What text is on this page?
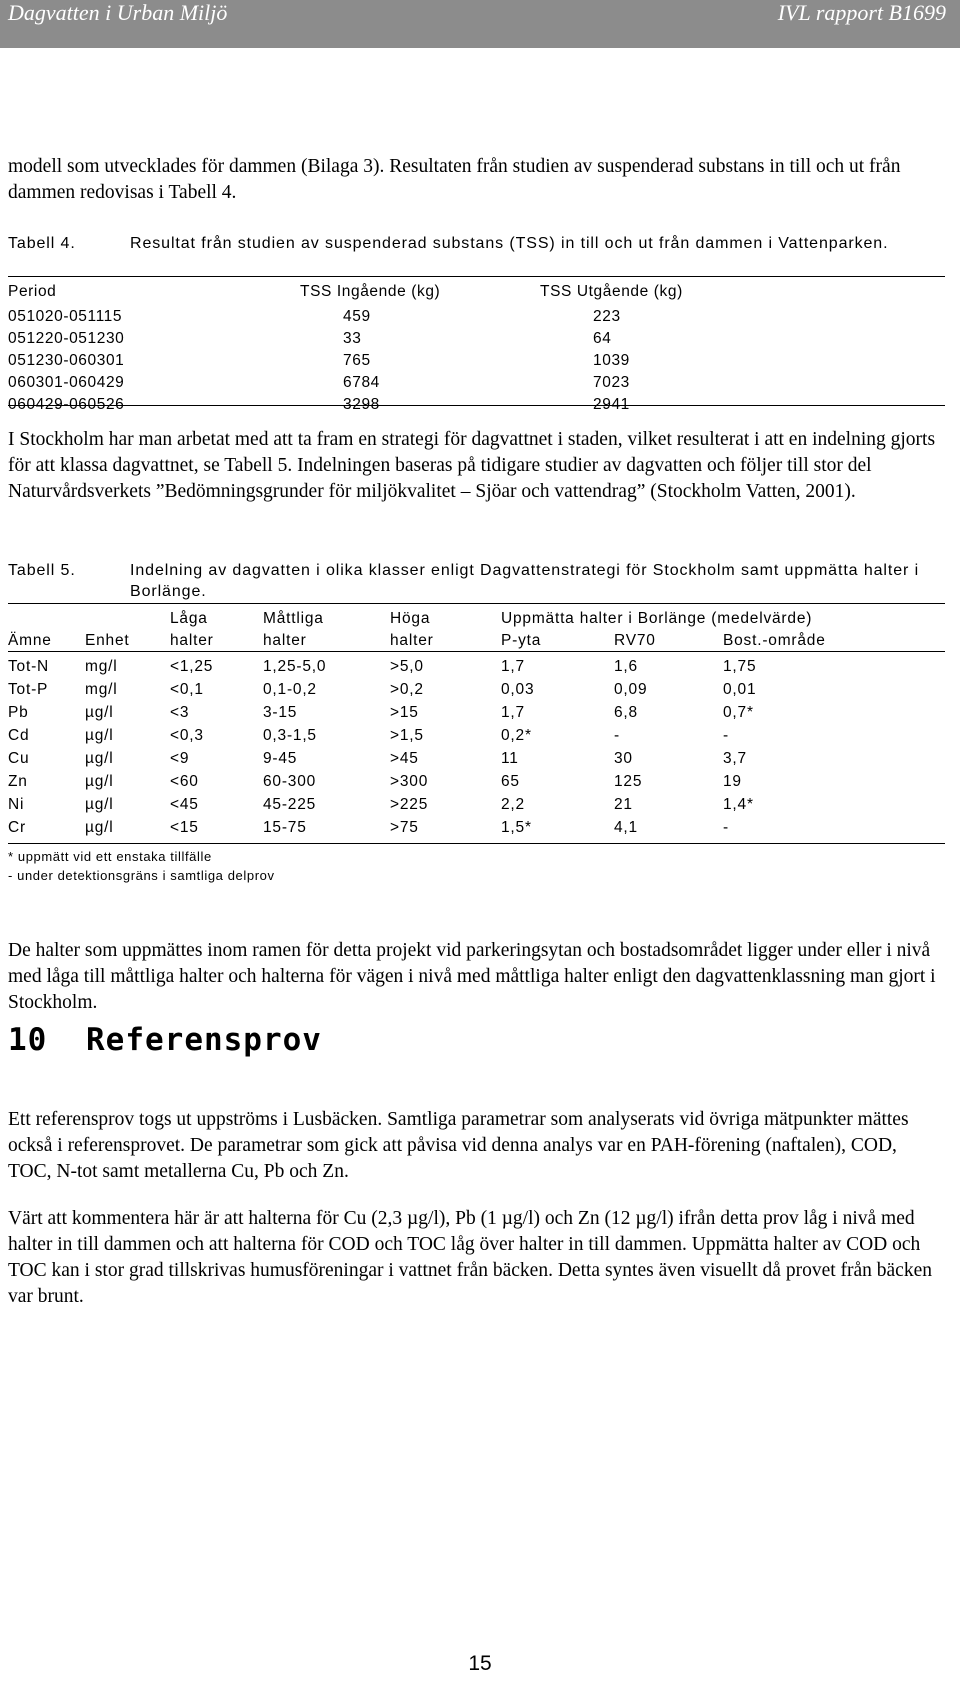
Dagvatten i Urban Miljö	IVL rapport B1699
modell som utvecklades för dammen (Bilaga 3). Resultaten från studien av suspenderad substans in till och ut från dammen redovisas i Tabell 4.
Tabell 4.	Resultat från studien av suspenderad substans (TSS) in till och ut från dammen i Vattenparken.
Period	TSS Ingående (kg)	TSS Utgående (kg)
051020-051115	459	223
051220-051230	33	64
051230-060301	765	1039
060301-060429	6784	7023
060429-060526	3298	2941
I Stockholm har man arbetat med att ta fram en strategi för dagvattnet i staden, vilket resulterat i att en indelning gjorts för att klassa dagvattnet, se Tabell 5. Indelningen baseras på tidigare studier av dagvatten och följer till stor del Naturvårdsverkets ”Bedömningsgrunder för miljökvalitet – Sjöar och vattendrag” (Stockholm Vatten, 2001).
Tabell 5.	Indelning av dagvatten i olika klasser enligt Dagvattenstrategi för Stockholm samt uppmätta halter i Borlänge.
Låga	Måttliga	Höga	Uppmätta halter i Borlänge (medelvärde)
Ämne Enhet	halter	halter	halter	P-yta	RV70	Bost.-område
Tot-N mg/l	<1,25	1,25-5,0	>5,0	1,7	1,6	1,75
Tot-P mg/l	<0,1	0,1-0,2	>0,2	0,03	0,09	0,01
Pb	µg/l	<3	3-15	>15	1,7	6,8	0,7*
Cd	µg/l	<0,3	0,3-1,5	>1,5	0,2*	-	-
Cu	µg/l	<9	9-45	>45	11	30	3,7
Zn	µg/l	<60	60-300	>300	65	125	19
Ni	µg/l	<45	45-225	>225	2,2	21	1,4*
Cr	µg/l	<15	15-75	>75	1,5*	4,1	-
* uppmätt vid ett enstaka tillfälle
- under detektionsgräns i samtliga delprov
De halter som uppmättes inom ramen för detta projekt vid parkeringsytan och bostadsområdet ligger under eller i nivå med låga till måttliga halter och halterna för vägen i nivå med måttliga halter enligt den dagvattenklassning man gjort i Stockholm.
10 Referensprov
Ett referensprov togs ut uppströms i Lusbäcken. Samtliga parametrar som analyserats vid övriga mätpunkter mättes också i referensprovet. De parametrar som gick att påvisa vid denna analys var en PAH-förening (naftalen), COD, TOC, N-tot samt metallerna Cu, Pb och Zn.
Värt att kommentera här är att halterna för Cu (2,3 µg/l), Pb (1 µg/l) och Zn (12 µg/l) ifrån detta prov låg i nivå med halter in till dammen och att halterna för COD och TOC låg över halter in till dammen. Uppmätta halter av COD och TOC kan i stor grad tillskrivas humusföreningar i vattnet från bäcken. Detta syntes även visuellt då provet från bäcken var brunt.
15
